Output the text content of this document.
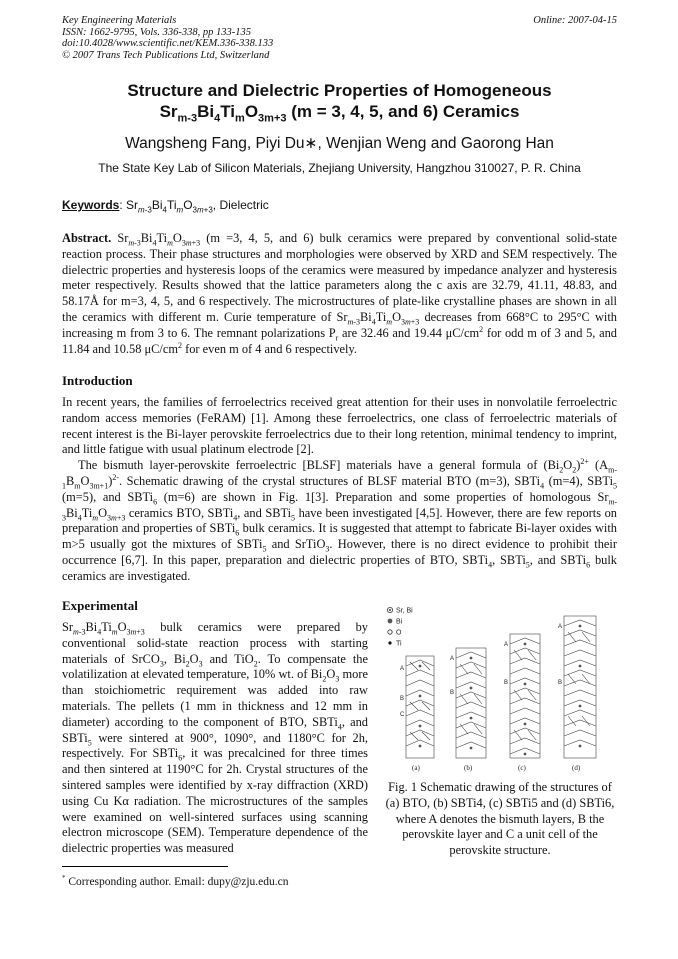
Key Engineering Materials
ISSN: 1662-9795, Vols. 336-338, pp 133-135
doi:10.4028/www.scientific.net/KEM.336-338.133
© 2007 Trans Tech Publications Ltd, Switzerland
Online: 2007-04-15
Structure and Dielectric Properties of Homogeneous
$Sr_{m-3}Bi_4Ti_mO_{3m+3}$ (m = 3, 4, 5, and 6) Ceramics
Wangsheng Fang, Piyi Du∗, Wenjian Weng and Gaorong Han
The State Key Lab of Silicon Materials, Zhejiang University, Hangzhou 310027, P. R. China
Keywords: $Sr_{m-3}Bi_4Ti_mO_{3m+3}$, Dielectric
Abstract. $Sr_{m-3}Bi_4Ti_mO_{3m+3}$ (m =3, 4, 5, and 6) bulk ceramics were prepared by conventional solid-state reaction process. Their phase structures and morphologies were observed by XRD and SEM respectively. The dielectric properties and hysteresis loops of the ceramics were measured by impedance analyzer and hysteresis meter respectively. Results showed that the lattice parameters along the c axis are 32.79, 41.11, 48.83, and 58.17Å for m=3, 4, 5, and 6 respectively. The microstructures of plate-like crystalline phases are shown in all the ceramics with different m. Curie temperature of $Sr_{m-3}Bi_4Ti_mO_{3m+3}$ decreases from 668°C to 295°C with increasing m from 3 to 6. The remnant polarizations $P_r$ are 32.46 and 19.44 $\mu C/cm^2$ for odd m of 3 and 5, and 11.84 and 10.58 $\mu C/cm^2$ for even m of 4 and 6 respectively.
Introduction
In recent years, the families of ferroelectrics received great attention for their uses in nonvolatile ferroelectric random access memories (FeRAM) [1]. Among these ferroelectrics, one class of ferroelectric materials of recent interest is the Bi-layer perovskite ferroelectrics due to their long retention, minimal tendency to imprint, and little fatigue with usual platinum electrode [2].
The bismuth layer-perovskite ferroelectric [BLSF] materials have a general formula of $(Bi_2O_2)^{2+}$ $(A_{m-1}B_mO_{3m+1})^{2-}$. Schematic drawing of the crystal structures of BLSF material BTO (m=3), SBTi$_4$ (m=4), SBTi$_5$ (m=5), and SBTi$_6$ (m=6) are shown in Fig. 1[3]. Preparation and some properties of homologous $Sr_{m-3}Bi_4Ti_mO_{3m+3}$ ceramics BTO, SBTi$_4$, and SBTi$_5$ have been investigated [4,5]. However, there are few reports on preparation and properties of SBTi$_6$ bulk ceramics. It is suggested that attempt to fabricate Bi-layer oxides with m>5 usually got the mixtures of SBTi$_5$ and SrTiO$_3$. However, there is no direct evidence to prohibit their occurrence [6,7]. In this paper, preparation and dielectric properties of BTO, SBTi$_4$, SBTi$_5$, and SBTi$_6$ bulk ceramics are investigated.
Experimental
$Sr_{m-3}Bi_4Ti_mO_{3m+3}$ bulk ceramics were prepared by conventional solid-state reaction process with starting materials of SrCO$_3$, $Bi_2O_3$ and TiO$_2$. To compensate the volatilization at elevated temperature, 10% wt. of $Bi_2O_3$ more than stoichiometric requirement was added into raw materials. The pellets (1 mm in thickness and 12 mm in diameter) according to the component of BTO, SBTi$_4$, and SBTi$_5$ were sintered at 900°, 1090°, and 1180°C for 2h, respectively. For SBTi$_6$, it was precalcined for three times and then sintered at 1190°C for 2h. Crystal structures of the sintered samples were identified by x-ray diffraction (XRD) using Cu Kα radiation. The microstructures of the samples were examined on well-sintered surfaces using scanning electron microscope (SEM). Temperature dependence of the dielectric properties was measured
Sr, Bi
Bi
O
Ti
A
B
C
A
B
A
B
A
B
(a)	(b)	(c)	(d)
Fig. 1 Schematic drawing of the structures of (a) BTO, (b) SBTi4, (c) SBTi5 and (d) SBTi6, where A denotes the bismuth layers, B the perovskite layer and C a unit cell of the perovskite structure.
* Corresponding author. Email: dupy@zju.edu.cn
